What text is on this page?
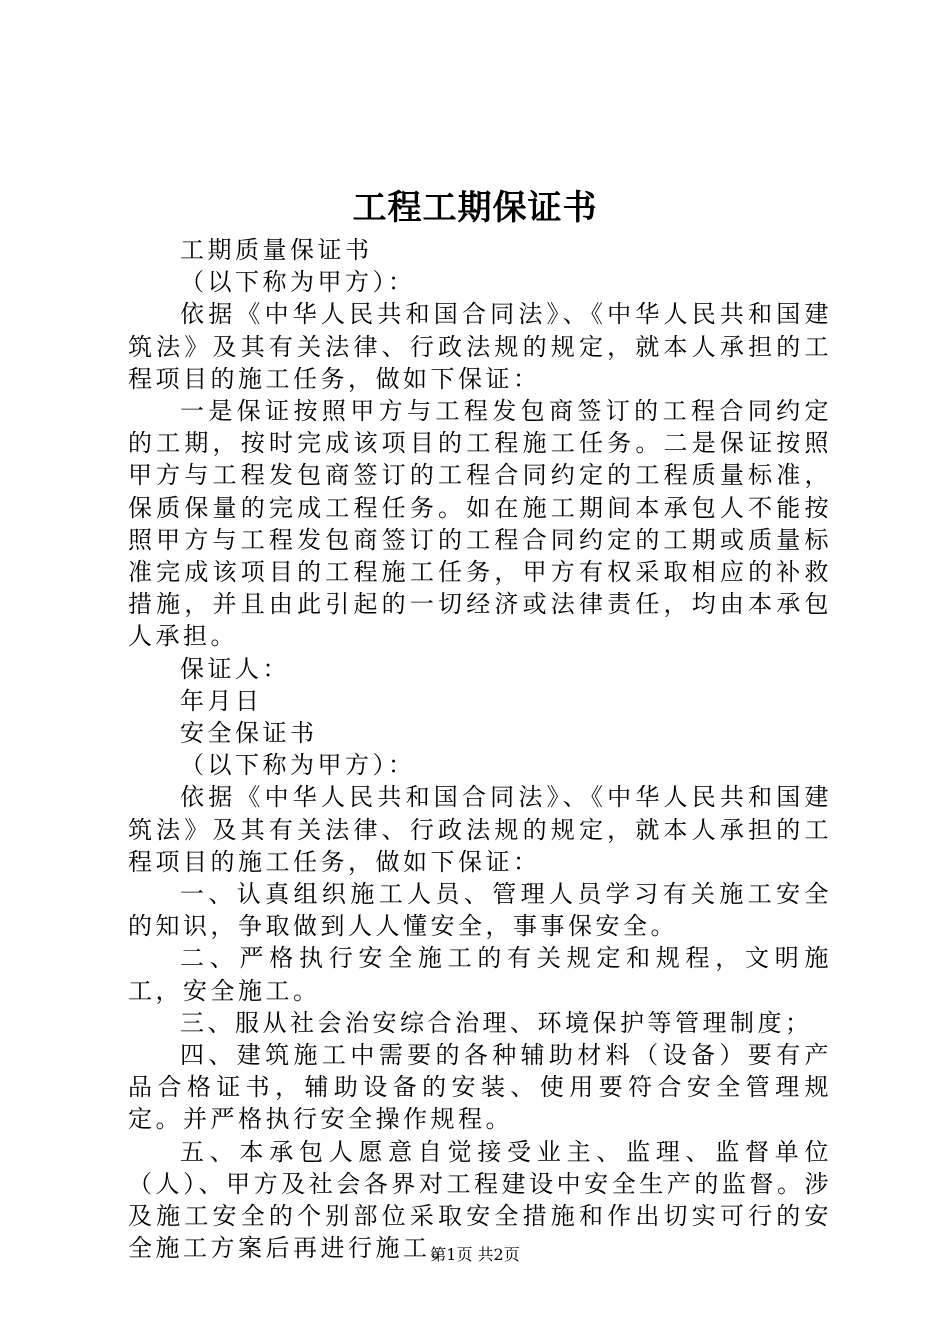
工程工期保证书

工期质量保证书

（以下称为甲方）：

依据《中华人民共和国合同法》、《中华人民共和国建筑法》及其有关法律、行政法规的规定，就本人承担的工程项目的施工任务，做如下保证：

一是保证按照甲方与工程发包商签订的工程合同约定的工期，按时完成该项目的工程施工任务。二是保证按照甲方与工程发包商签订的工程合同约定的工程质量标准，保质保量的完成工程任务。如在施工期间本承包人不能按照甲方与工程发包商签订的工程合同约定的工期或质量标准完成该项目的工程施工任务，甲方有权采取相应的补救措施，并且由此引起的一切经济或法律责任，均由本承包人承担。

保证人：

年月日

安全保证书

（以下称为甲方）：

依据《中华人民共和国合同法》、《中华人民共和国建筑法》及其有关法律、行政法规的规定，就本人承担的工程项目的施工任务，做如下保证：

一、认真组织施工人员、管理人员学习有关施工安全的知识，争取做到人人懂安全，事事保安全。

二、严格执行安全施工的有关规定和规程，文明施工，安全施工。

三、服从社会治安综合治理、环境保护等管理制度；

四、建筑施工中需要的各种辅助材料（设备）要有产品合格证书，辅助设备的安装、使用要符合安全管理规定。并严格执行安全操作规程。

五、本承包人愿意自觉接受业主、监理、监督单位（人）、甲方及社会各界对工程建设中安全生产的监督。涉及施工安全的个别部位采取安全措施和作出切实可行的安全施工方案后再进行施工。

第1页 共2页
